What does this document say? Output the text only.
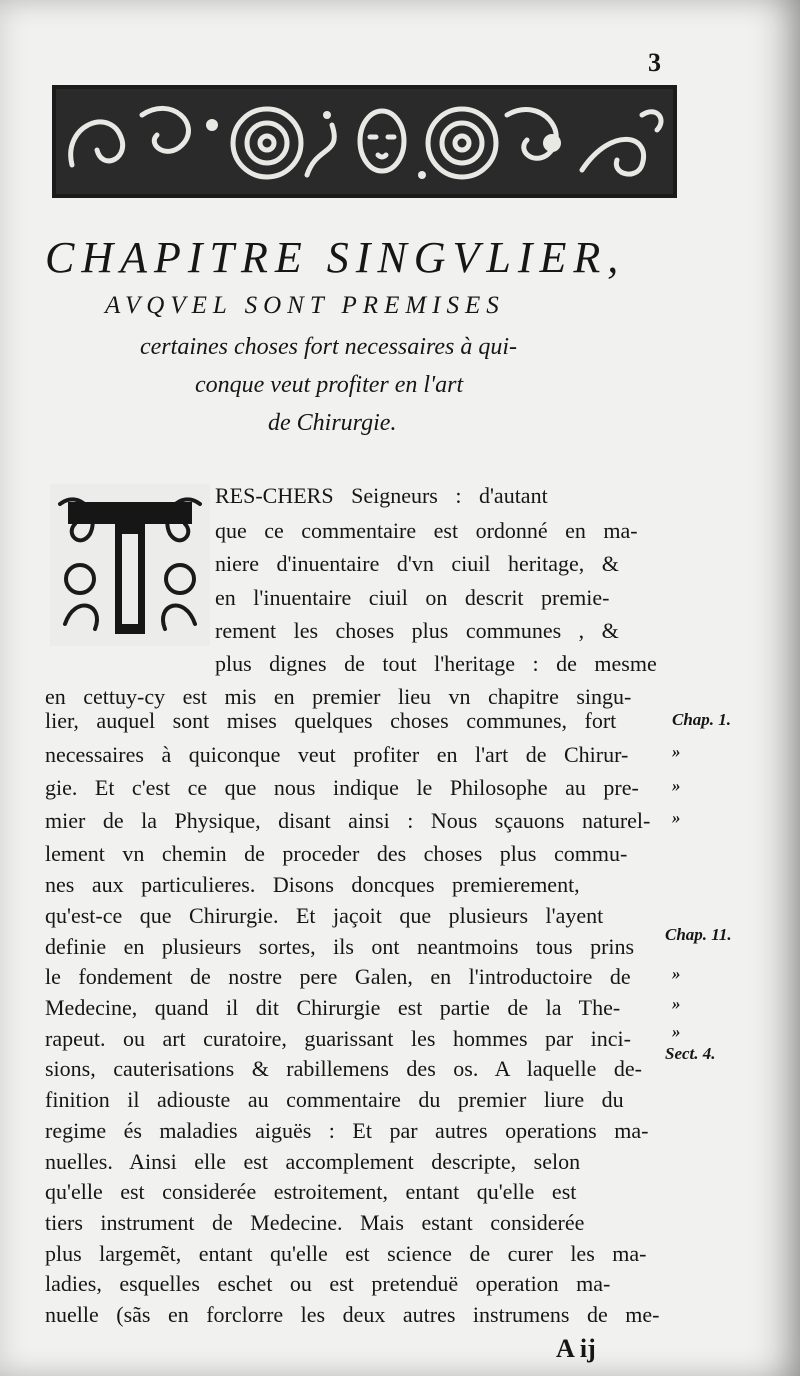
3
CHAPITRE SINGVLIER,
AVQVEL SONT PREMISES
certaines choses fort necessaires à qui-
conque veut profiter en l'art
de Chirurgie.
RES-CHERS Seigneurs : d'autant
que ce commentaire est ordonné en ma-
niere d'inuentaire d'vn ciuil heritage, &
en l'inuentaire ciuil on descrit premie-
rement les choses plus communes , &
plus dignes de tout l'heritage : de mesme
en cettuy-cy est mis en premier lieu vn chapitre singu-
lier, auquel sont mises quelques choses communes, fort
necessaires à quiconque veut profiter en l'art de Chirur-
gie. Et c'est ce que nous indique le Philosophe au pre-
mier de la Physique, disant ainsi : Nous sçauons naturel-
lement vn chemin de proceder des choses plus commu-
nes aux particulieres. Disons doncques premierement,
qu'est-ce que Chirurgie. Et jaçoit que plusieurs l'ayent
definie en plusieurs sortes, ils ont neantmoins tous prins
le fondement de nostre pere Galen, en l'introductoire de
Medecine, quand il dit Chirurgie est partie de la The-
rapeut. ou art curatoire, guarissant les hommes par inci-
sions, cauterisations & rabillemens des os. A laquelle de-
finition il adiouste au commentaire du premier liure du
regime és maladies aiguës : Et par autres operations ma-
nuelles. Ainsi elle est accomplement descripte, selon
qu'elle est considerée estroitement, entant qu'elle est
tiers instrument de Medecine. Mais estant considerée
plus largemẽt, entant qu'elle est science de curer les ma-
ladies, esquelles eschet ou est pretenduë operation ma-
nuelle (sãs en forclorre les deux autres instrumens de me-
Chap. 1.
»
»
»
Chap. 11.
»
»
»
Sect. 4.
A ij
